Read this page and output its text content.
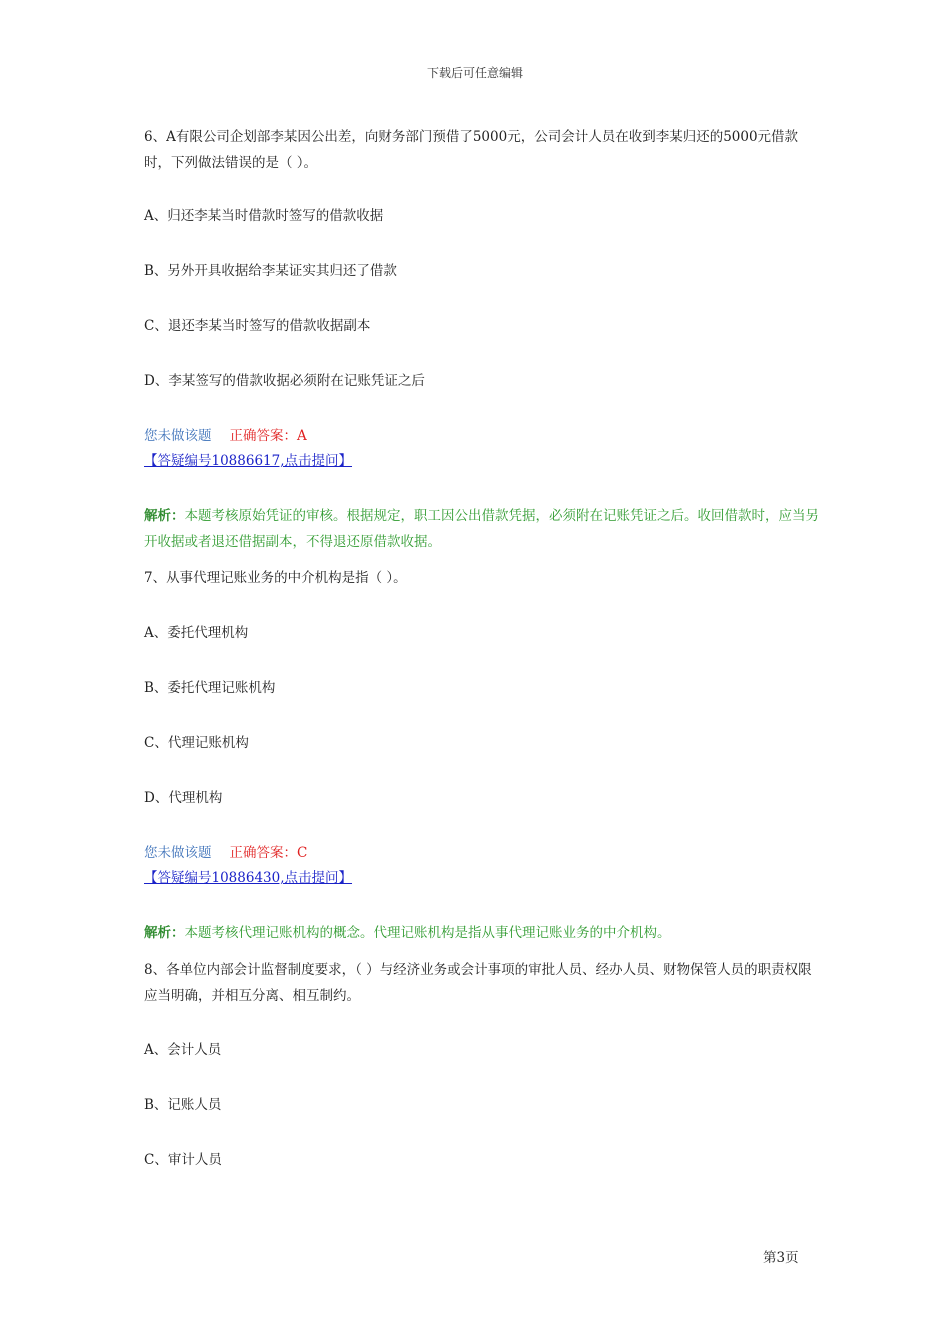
下载后可任意编辑
6、A有限公司企划部李某因公出差，向财务部门预借了5000元，公司会计人员在收到李某归还的5000元借款时，下列做法错误的是（ ）。
A、归还李某当时借款时签写的借款收据
B、另外开具收据给李某证实其归还了借款
C、退还李某当时签写的借款收据副本
D、李某签写的借款收据必须附在记账凭证之后
您未做该题 正确答案：A
【答疑编号10886617,点击提问】
解析：本题考核原始凭证的审核。根据规定，职工因公出借款凭据，必须附在记账凭证之后。收回借款时，应当另开收据或者退还借据副本，不得退还原借款收据。
7、从事代理记账业务的中介机构是指（ ）。
A、委托代理机构
B、委托代理记账机构
C、代理记账机构
D、代理机构
您未做该题 正确答案：C
【答疑编号10886430,点击提问】
解析：本题考核代理记账机构的概念。代理记账机构是指从事代理记账业务的中介机构。
8、各单位内部会计监督制度要求，（ ）与经济业务或会计事项的审批人员、经办人员、财物保管人员的职责权限应当明确，并相互分离、相互制约。
A、会计人员
B、记账人员
C、审计人员
第3页
